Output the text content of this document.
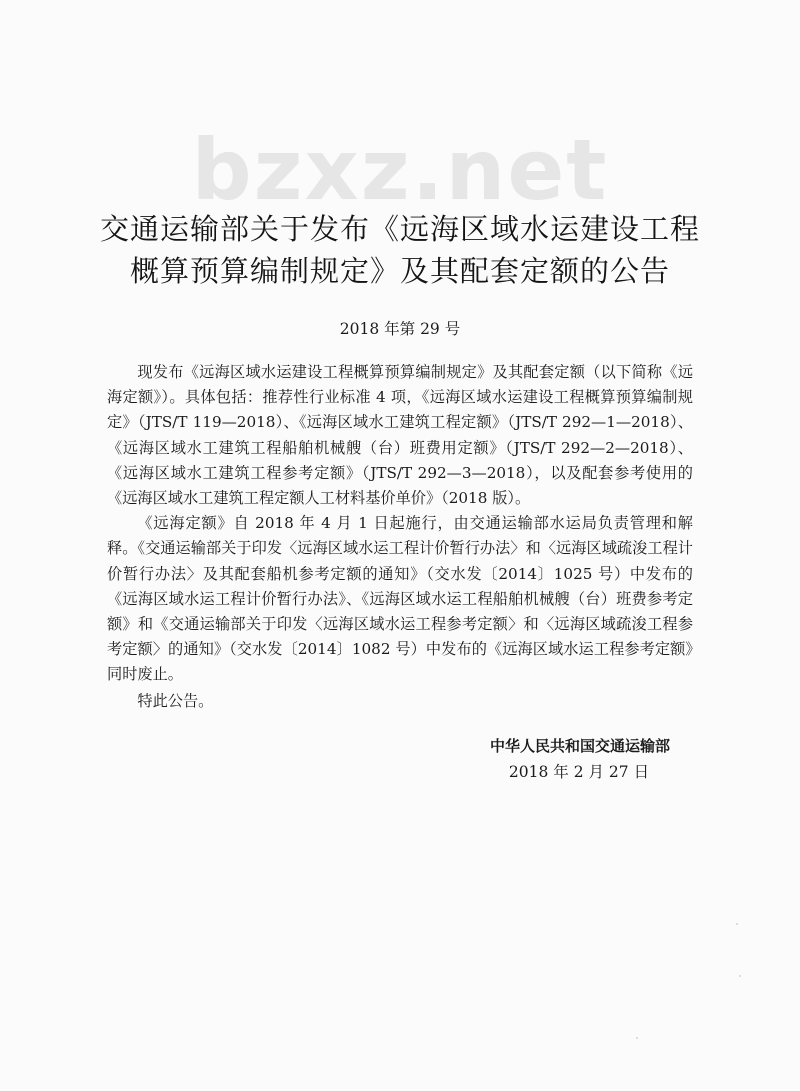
bzxz.net
交通运输部关于发布《远海区域水运建设工程
概算预算编制规定》及其配套定额的公告
2018 年第 29 号

现发布《远海区域水运建设工程概算预算编制规定》及其配套定额（以下简称《远海定额》）。具体包括：推荐性行业标准 4 项，《远海区域水运建设工程概算预算编制规定》（JTS/T 119—2018）、《远海区域水工建筑工程定额》（JTS/T 292—1—2018）、《远海区域水工建筑工程船舶机械艘（台）班费用定额》（JTS/T 292—2—2018）、《远海区域水工建筑工程参考定额》（JTS/T 292—3—2018），以及配套参考使用的《远海区域水工建筑工程定额人工材料基价单价》（2018 版）。

《远海定额》自 2018 年 4 月 1 日起施行，由交通运输部水运局负责管理和解释。《交通运输部关于印发〈远海区域水运工程计价暂行办法〉和〈远海区域疏浚工程计价暂行办法〉及其配套船机参考定额的通知》（交水发〔2014〕1025 号）中发布的《远海区域水运工程计价暂行办法》、《远海区域水运工程船舶机械艘（台）班费参考定额》和《交通运输部关于印发〈远海区域水运工程参考定额〉和〈远海区域疏浚工程参考定额〉的通知》（交水发〔2014〕1082 号）中发布的《远海区域水运工程参考定额》同时废止。

特此公告。

中华人民共和国交通运输部
2018 年 2 月 27 日
